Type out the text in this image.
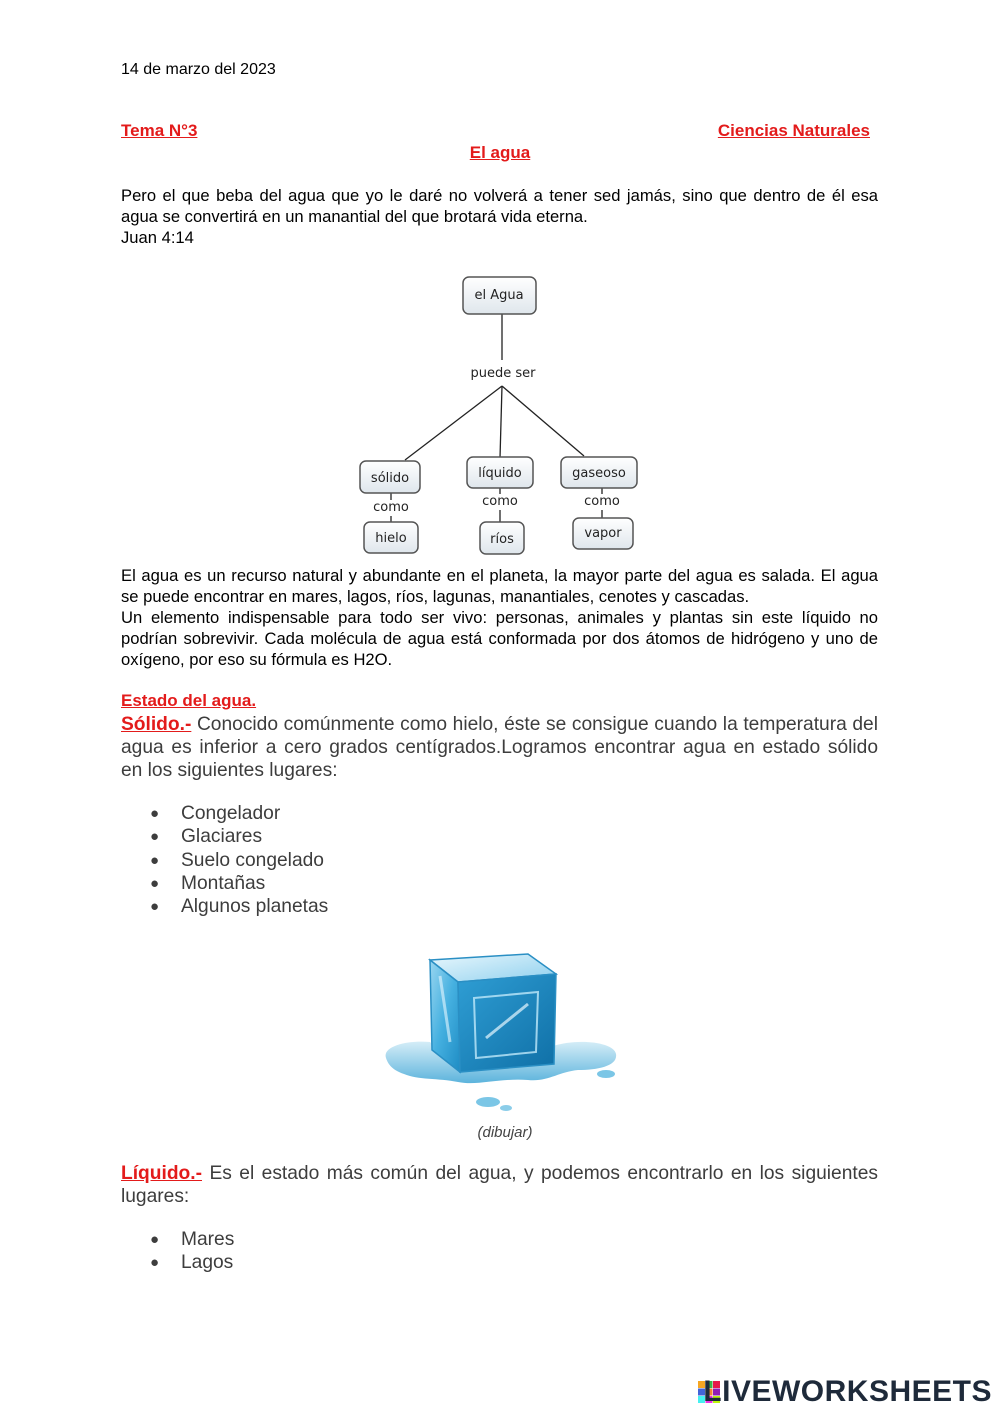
14 de marzo del 2023
Tema N°3	Ciencias Naturales
El agua
Pero el que beba del agua que yo le daré no volverá a tener sed jamás, sino que dentro de él esa agua se convertirá en un manantial del que brotará vida eterna.
Juan 4:14
el Agua
puede ser
sólido
como
hielo
líquido
como
ríos
gaseoso
como
vapor
El agua es un recurso natural y abundante en el planeta, la mayor parte del agua es salada. El agua se puede encontrar en mares, lagos, ríos, lagunas, manantiales, cenotes y cascadas.
Un elemento indispensable para todo ser vivo: personas, animales y plantas sin este líquido no podrían sobrevivir. Cada molécula de agua está conformada por dos átomos de hidrógeno y uno de oxígeno, por eso su fórmula es H2O.
Estado del agua.
Sólido.- Conocido comúnmente como hielo, éste se consigue cuando la temperatura del agua es inferior a cero grados centígrados.Logramos encontrar agua en estado sólido en los siguientes lugares:
● Congelador
● Glaciares
● Suelo congelado
● Montañas
● Algunos planetas
(dibujar)
Líquido.- Es el estado más común del agua, y podemos encontrarlo en los siguientes lugares:
● Mares
● Lagos
LIVEWORKSHEETS
